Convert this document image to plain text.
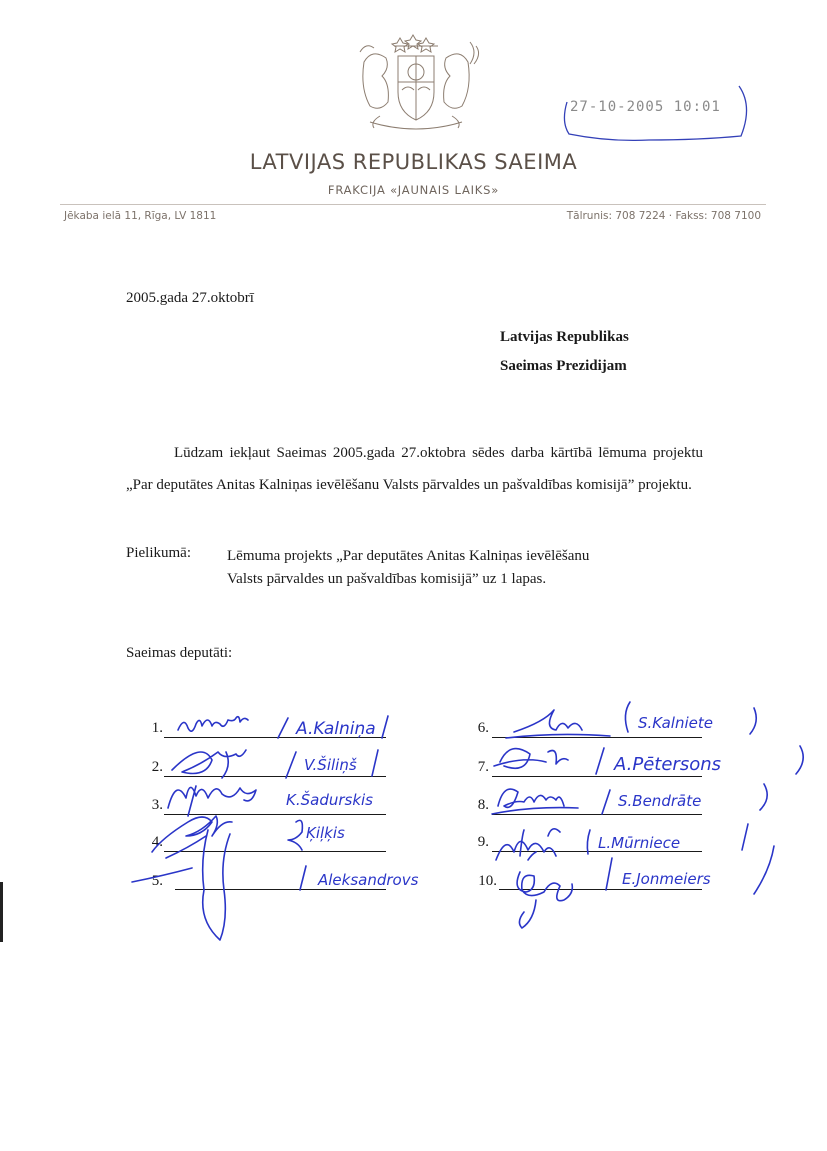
27-10-2005 10:01
LATVIJAS REPUBLIKAS SAEIMA
FRAKCIJA «JAUNAIS LAIKS»
Jēkaba ielā 11, Rīga, LV 1811	Tālrunis: 708 7224 · Fakss: 708 7100
2005.gada 27.oktobrī
Latvijas Republikas
Saeimas Prezidijam

Lūdzam iekļaut Saeimas 2005.gada 27.oktobra sēdes darba kārtībā lēmuma projektu „Par deputātes Anitas Kalniņas ievēlēšanu Valsts pārvaldes un pašvaldības komisijā” projektu.

Pielikumā: Lēmuma projekts „Par deputātes Anitas Kalniņas ievēlēšanu
Valsts pārvaldes un pašvaldības komisijā” uz 1 lapas.
Saeimas deputāti:
1.
2.
3.
4.
5.
6.
7.
8.
9.
10.
A.Kalniņa
V.Šiliņš
K.Šadurskis
Ķiļķis
Aleksandrovs
S.Kalniete
A.Pētersons
S.Bendrāte
L.Mūrniece
E.Jonmeiers
